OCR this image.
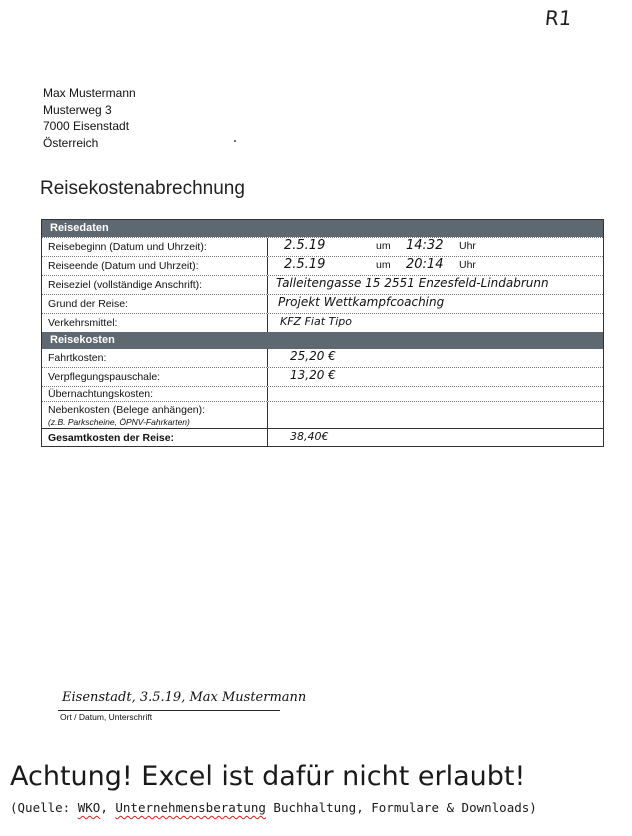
R1
Max Mustermann
Musterweg 3
7000 Eisenstadt
Österreich
Reisekostenabrechnung
Reisedaten
Reisebeginn (Datum und Uhrzeit):	2.5.19	um 14:32 Uhr
Reiseende (Datum und Uhrzeit):	2.5.19	um 20:14 Uhr
Reiseziel (vollständige Anschrift):	Talleitengasse 15 2551 Enzesfeld-Lindabrunn
Grund der Reise:	Projekt Wettkampfcoaching
Verkehrsmittel:	KFZ Fiat Tipo
Reisekosten
Fahrtkosten:	25,20 €
Verpflegungspauschale:	13,20 €
Übernachtungskosten:
Nebenkosten (Belege anhängen):
(z.B. Parkscheine, ÖPNV-Fahrkarten)
Gesamtkosten der Reise:	38,40€
Eisenstadt, 3.5.19, Max Mustermann
Ort / Datum, Unterschrift
Achtung! Excel ist dafür nicht erlaubt!
(Quelle: WKO, Unternehmensberatung Buchhaltung, Formulare & Downloads)
